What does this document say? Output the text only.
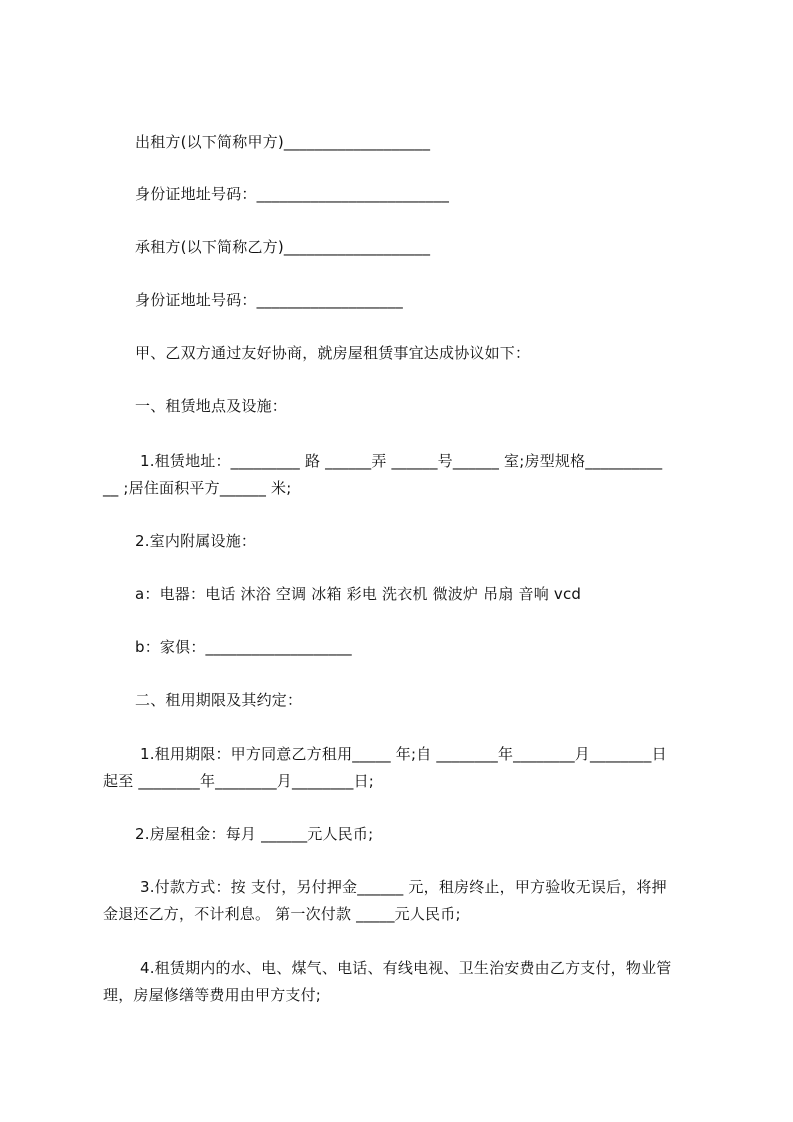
出租方(以下简称甲方)___________________
身份证地址号码：_________________________
承租方(以下简称乙方)___________________
身份证地址号码：___________________
甲、乙双方通过友好协商，就房屋租赁事宜达成协议如下：
一、租赁地点及设施：
1.租赁地址：_________ 路 ______弄 ______号______ 室;房型规格__________
__ ;居住面积平方______ 米;
2.室内附属设施：
a：电器：电话 沐浴 空调 冰箱 彩电 洗衣机 微波炉 吊扇 音响 vcd
b：家俱：___________________
二、租用期限及其约定：
1.租用期限：甲方同意乙方租用_____ 年;自 ________年________月________日
起至 ________年________月________日;
2.房屋租金：每月 ______元人民币;
3.付款方式：按 支付，另付押金______ 元，租房终止，甲方验收无误后，将押
金退还乙方，不计利息。 第一次付款 _____元人民币;
4.租赁期内的水、电、煤气、电话、有线电视、卫生治安费由乙方支付，物业管
理，房屋修缮等费用由甲方支付;
